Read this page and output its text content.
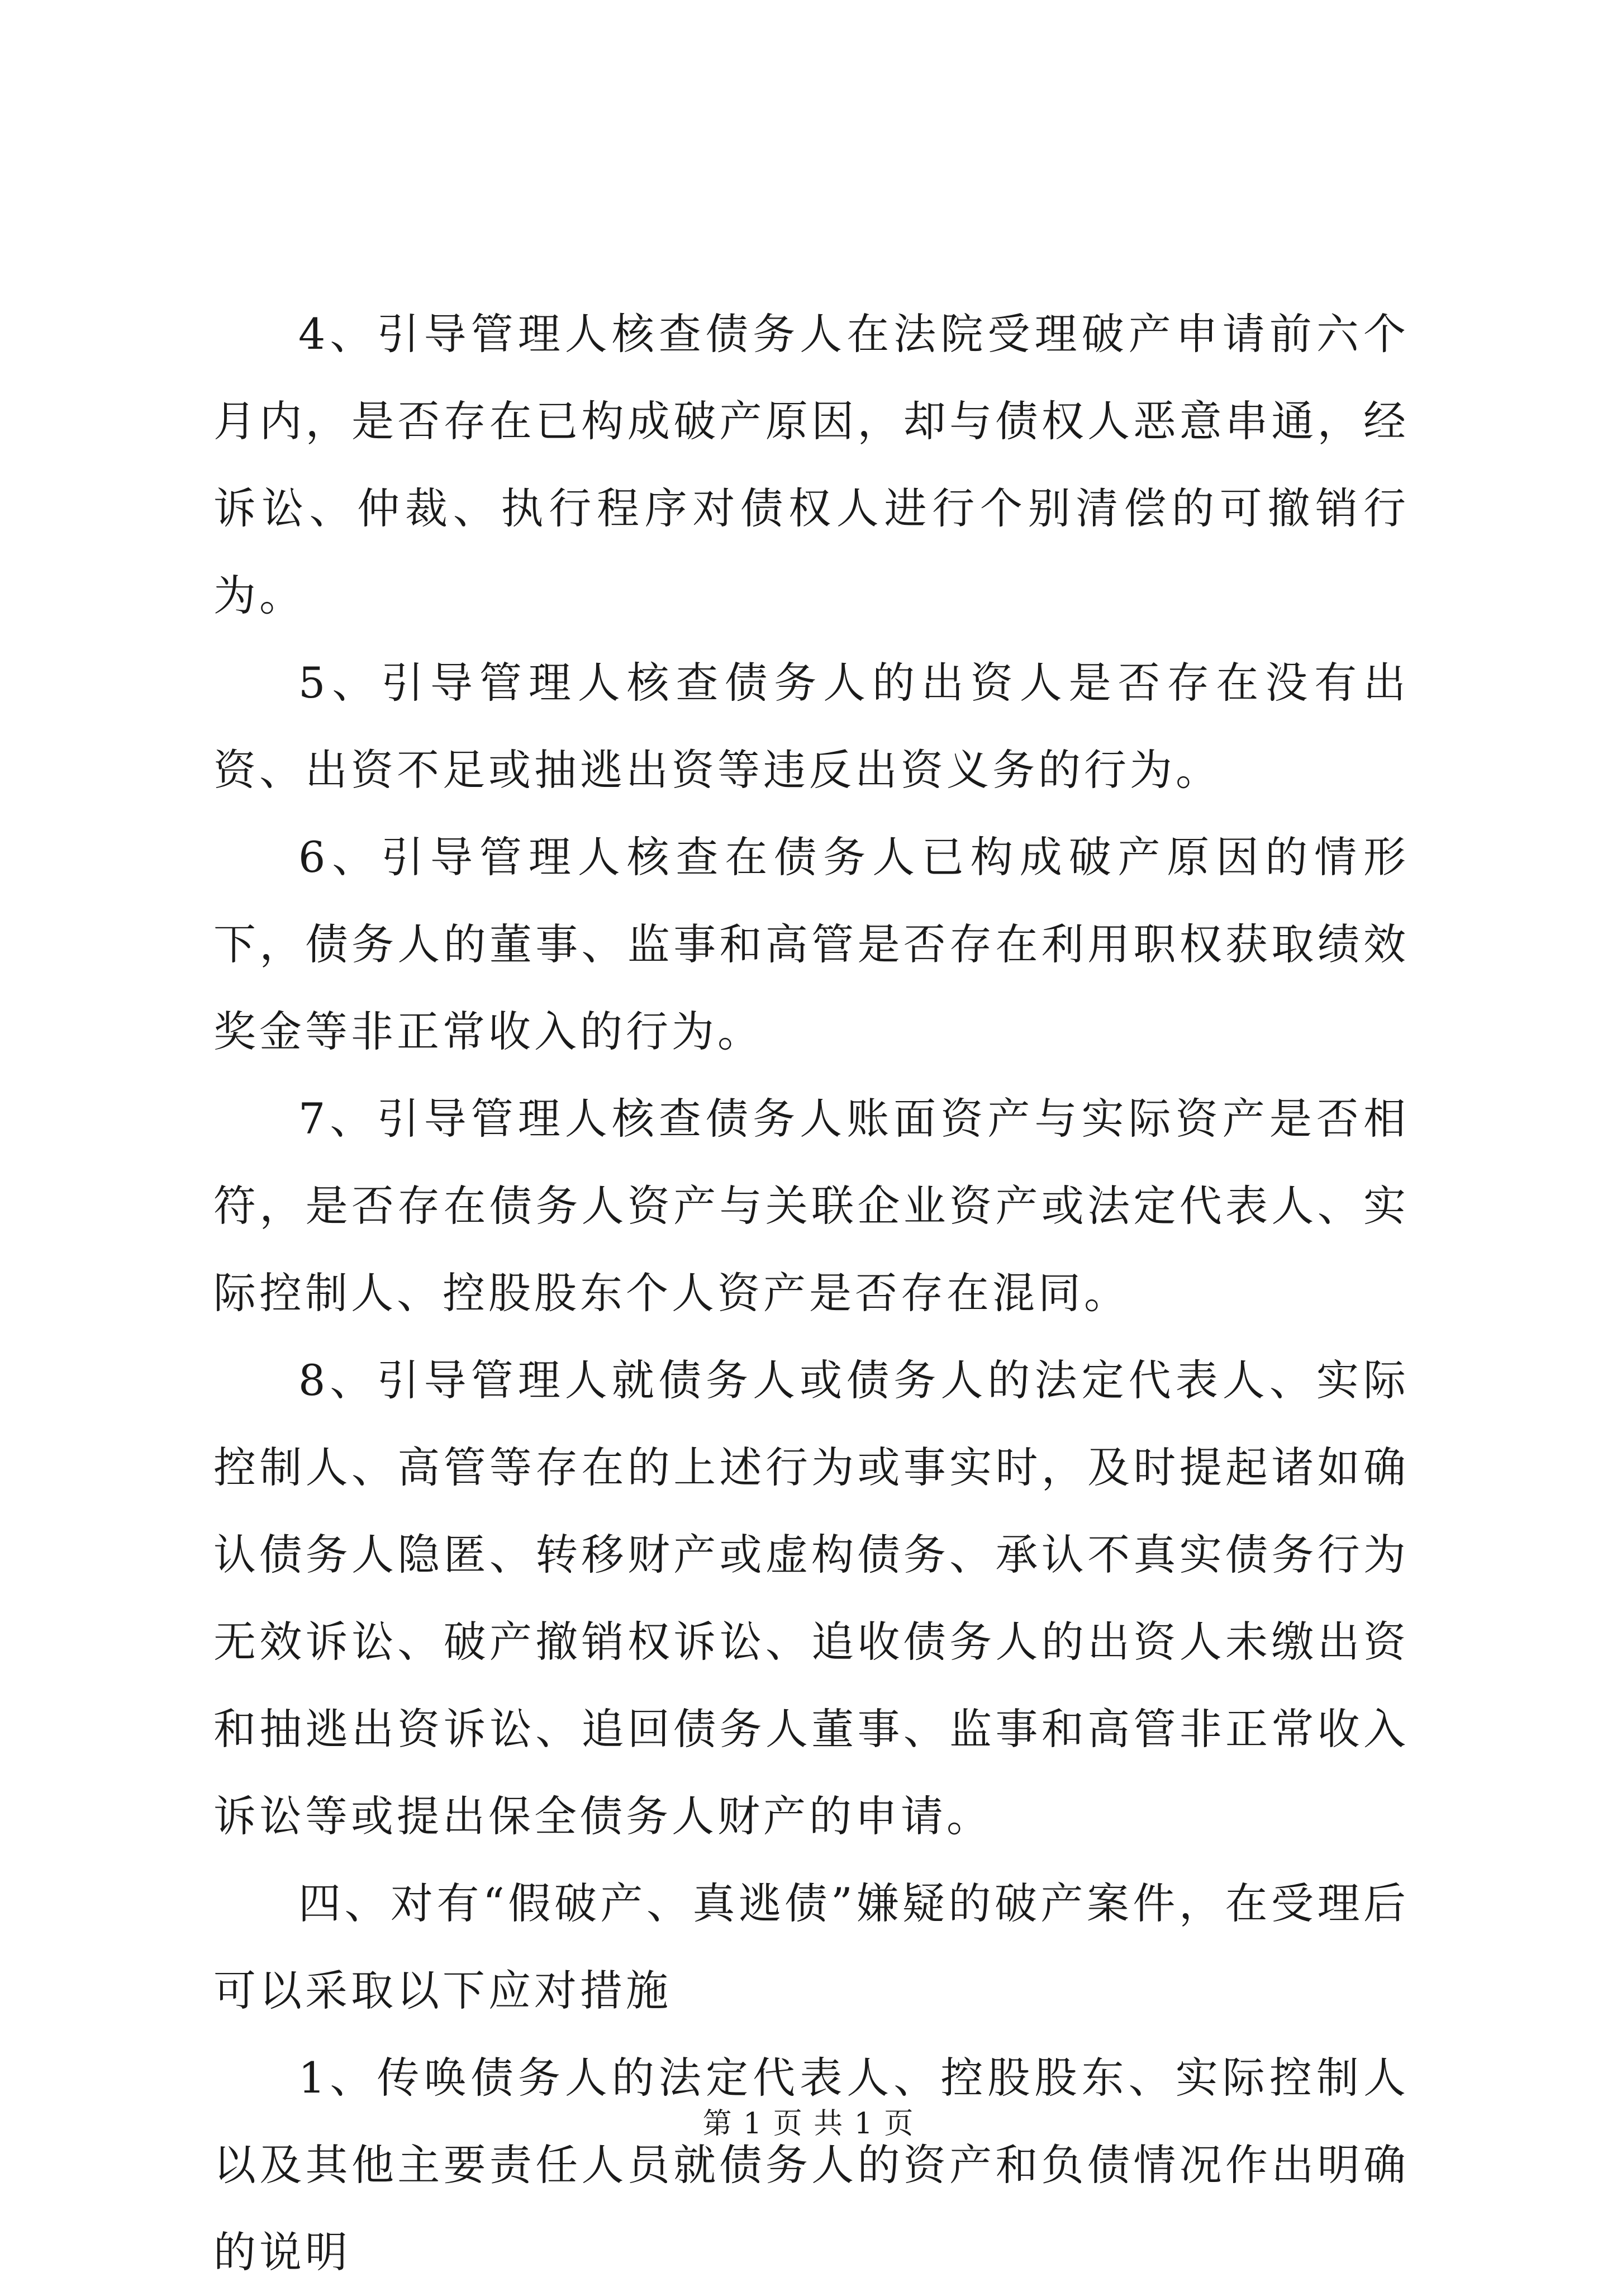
4、引导管理人核查债务人在法院受理破产申请前六个月内，是否存在已构成破产原因，却与债权人恶意串通，经诉讼、仲裁、执行程序对债权人进行个别清偿的可撤销行为。

5、引导管理人核查债务人的出资人是否存在没有出资、出资不足或抽逃出资等违反出资义务的行为。

6、引导管理人核查在债务人已构成破产原因的情形下，债务人的董事、监事和高管是否存在利用职权获取绩效奖金等非正常收入的行为。

7、引导管理人核查债务人账面资产与实际资产是否相符，是否存在债务人资产与关联企业资产或法定代表人、实际控制人、控股股东个人资产是否存在混同。

8、引导管理人就债务人或债务人的法定代表人、实际控制人、高管等存在的上述行为或事实时，及时提起诸如确认债务人隐匿、转移财产或虚构债务、承认不真实债务行为无效诉讼、破产撤销权诉讼、追收债务人的出资人未缴出资和抽逃出资诉讼、追回债务人董事、监事和高管非正常收入诉讼等或提出保全债务人财产的申请。

四、对有“假破产、真逃债”嫌疑的破产案件，在受理后可以采取以下应对措施

1、传唤债务人的法定代表人、控股股东、实际控制人以及其他主要责任人员就债务人的资产和负债情况作出明确的说明

第 1 页 共 1 页
